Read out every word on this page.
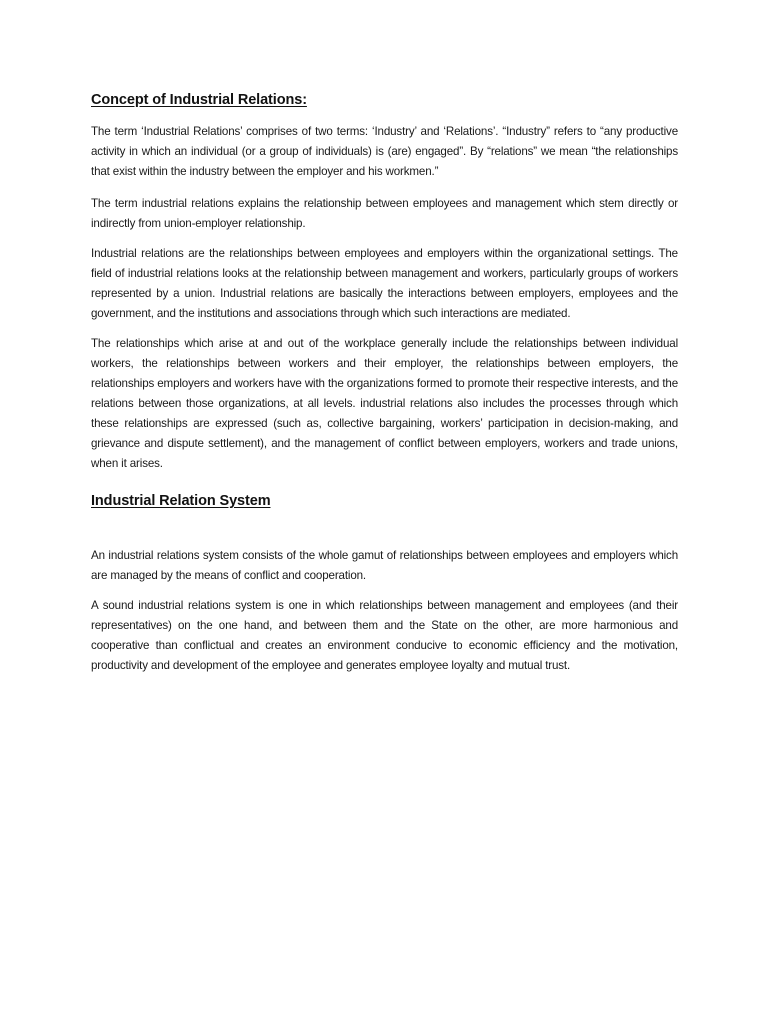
Concept of Industrial Relations:

The term ‘Industrial Relations’ comprises of two terms: ‘Industry’ and ‘Relations’. “Industry” refers to “any productive activity in which an individual (or a group of individuals) is (are) engaged”. By “relations” we mean “the relationships that exist within the industry between the employer and his workmen.”

The term industrial relations explains the relationship between employees and management which stem directly or indirectly from union-employer relationship.

Industrial relations are the relationships between employees and employers within the organizational settings. The field of industrial relations looks at the relationship between management and workers, particularly groups of workers represented by a union. Industrial relations are basically the interactions between employers, employees and the government, and the institutions and associations through which such interactions are mediated.

The relationships which arise at and out of the workplace generally include the relationships between individual workers, the relationships between workers and their employer, the relationships between employers, the relationships employers and workers have with the organizations formed to promote their respective interests, and the relations between those organizations, at all levels. industrial relations also includes the processes through which these relationships are expressed (such as, collective bargaining, workers’ participation in decision-making, and grievance and dispute settlement), and the management of conflict between employers, workers and trade unions, when it arises.

Industrial Relation System

An industrial relations system consists of the whole gamut of relationships between employees and employers which are managed by the means of conflict and cooperation.

A sound industrial relations system is one in which relationships between management and employees (and their representatives) on the one hand, and between them and the State on the other, are more harmonious and cooperative than conflictual and creates an environment conducive to economic efficiency and the motivation, productivity and development of the employee and generates employee loyalty and mutual trust.
